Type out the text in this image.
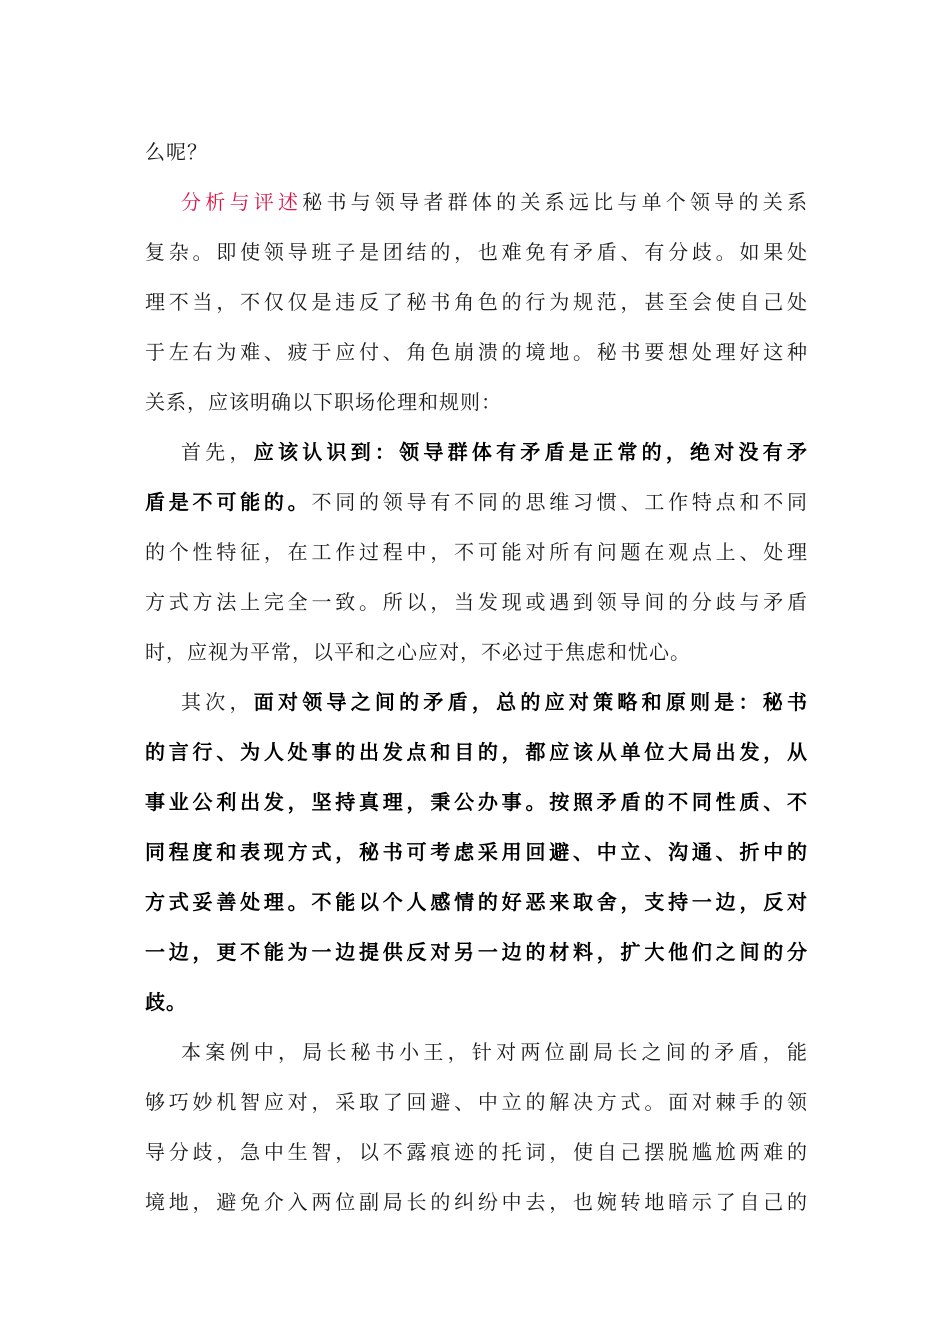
么呢？
分析与评述秘书与领导者群体的关系远比与单个领导的关系
复杂。即使领导班子是团结的，也难免有矛盾、有分歧。如果处
理不当，不仅仅是违反了秘书角色的行为规范，甚至会使自己处
于左右为难、疲于应付、角色崩溃的境地。秘书要想处理好这种
关系，应该明确以下职场伦理和规则：
首先，应该认识到：领导群体有矛盾是正常的，绝对没有矛
盾是不可能的。不同的领导有不同的思维习惯、工作特点和不同
的个性特征，在工作过程中，不可能对所有问题在观点上、处理
方式方法上完全一致。所以，当发现或遇到领导间的分歧与矛盾
时，应视为平常，以平和之心应对，不必过于焦虑和忧心。
其次，面对领导之间的矛盾，总的应对策略和原则是：秘书
的言行、为人处事的出发点和目的，都应该从单位大局出发，从
事业公利出发，坚持真理，秉公办事。按照矛盾的不同性质、不
同程度和表现方式，秘书可考虑采用回避、中立、沟通、折中的
方式妥善处理。不能以个人感情的好恶来取舍，支持一边，反对
一边，更不能为一边提供反对另一边的材料，扩大他们之间的分
歧。
本案例中，局长秘书小王，针对两位副局长之间的矛盾，能
够巧妙机智应对，采取了回避、中立的解决方式。面对棘手的领
导分歧，急中生智，以不露痕迹的托词，使自己摆脱尴尬两难的
境地，避免介入两位副局长的纠纷中去，也婉转地暗示了自己的
